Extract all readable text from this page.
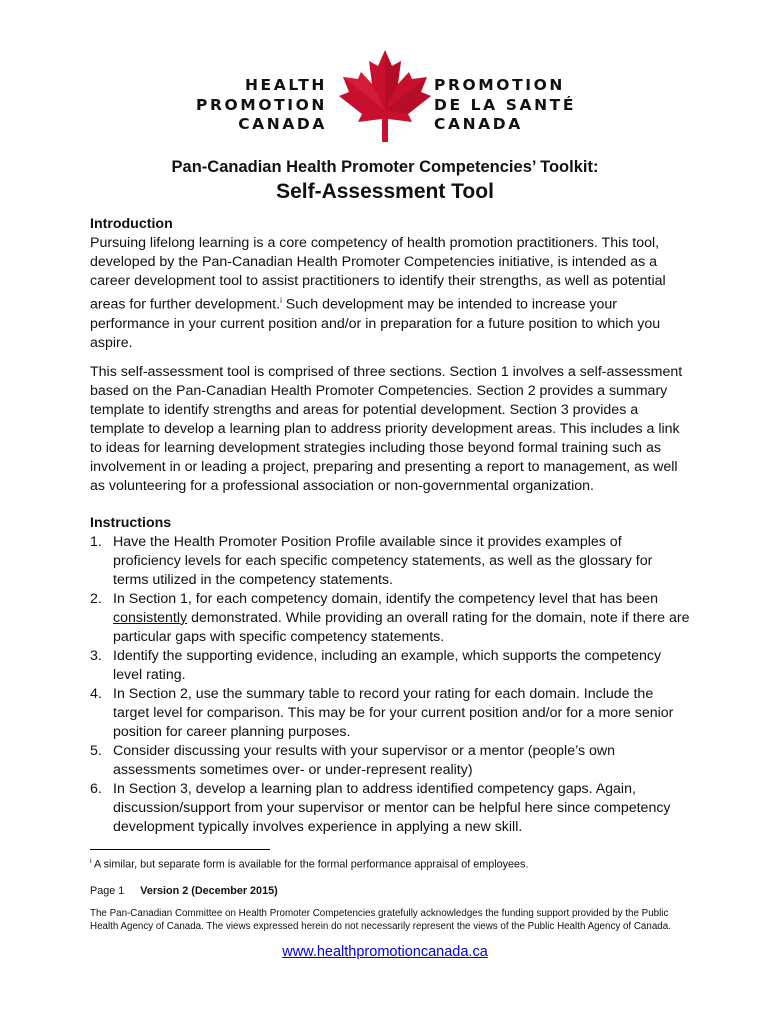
HEALTH
PROMOTION
CANADA
PROMOTION
DE LA SANTÉ
CANADA
Pan-Canadian Health Promoter Competencies’ Toolkit:
Self-Assessment Tool
Introduction

Pursuing lifelong learning is a core competency of health promotion practitioners. This tool, developed by the Pan-Canadian Health Promoter Competencies initiative, is intended as a career development tool to assist practitioners to identify their strengths, as well as potential areas for further development.$^i$ Such development may be intended to increase your performance in your current position and/or in preparation for a future position to which you aspire.

This self-assessment tool is comprised of three sections. Section 1 involves a self-assessment based on the Pan-Canadian Health Promoter Competencies. Section 2 provides a summary template to identify strengths and areas for potential development. Section 3 provides a template to develop a learning plan to address priority development areas. This includes a link to ideas for learning development strategies including those beyond formal training such as involvement in or leading a project, preparing and presenting a report to management, as well as volunteering for a professional association or non-governmental organization.

Instructions
1. Have the Health Promoter Position Profile available since it provides examples of proficiency levels for each specific competency statements, as well as the glossary for terms utilized in the competency statements.
2. In Section 1, for each competency domain, identify the competency level that has been consistently demonstrated. While providing an overall rating for the domain, note if there are particular gaps with specific competency statements.
3. Identify the supporting evidence, including an example, which supports the competency level rating.
4. In Section 2, use the summary table to record your rating for each domain. Include the target level for comparison. This may be for your current position and/or for a more senior position for career planning purposes.
5. Consider discussing your results with your supervisor or a mentor (people’s own assessments sometimes over- or under-represent reality)
6. In Section 3, develop a learning plan to address identified competency gaps. Again, discussion/support from your supervisor or mentor can be helpful here since competency development typically involves experience in applying a new skill.
$^i$ A similar, but separate form is available for the formal performance appraisal of employees.
Page 1 Version 2 (December 2015)
The Pan-Canadian Committee on Health Promoter Competencies gratefully acknowledges the funding support provided by the Public Health Agency of Canada. The views expressed herein do not necessarily represent the views of the Public Health Agency of Canada.
www.healthpromotioncanada.ca
